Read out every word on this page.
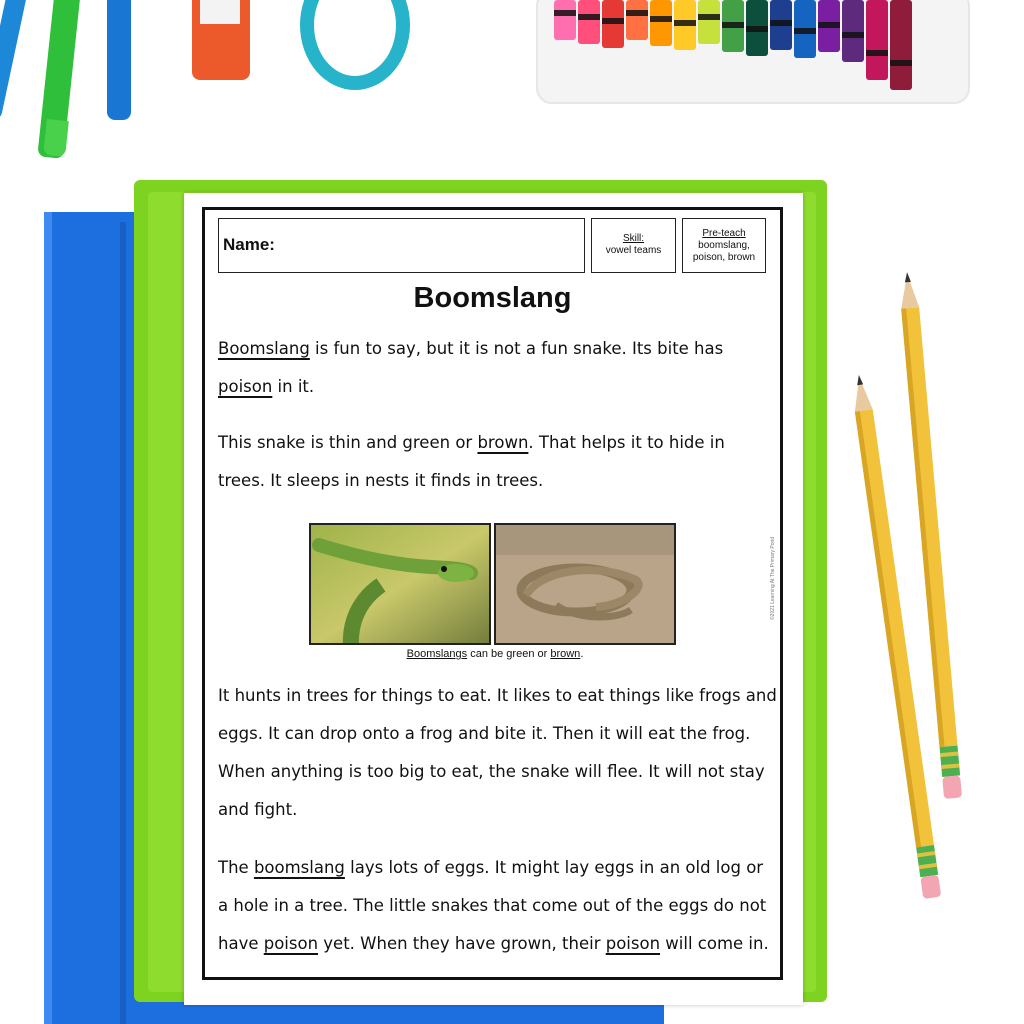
Name:	Skill:
vowel teams
Pre-teach
boomslang, poison, brown
Boomslang
Boomslang is fun to say, but it is not a fun snake. Its bite has poison in it.
This snake is thin and green or brown. That helps it to hide in trees. It sleeps in nests it finds in trees.
Boomslangs can be green or brown.
©2021 Learning At The Primary Pond
It hunts in trees for things to eat. It likes to eat things like frogs and eggs. It can drop onto a frog and bite it. Then it will eat the frog. When anything is too big to eat, the snake will flee. It will not stay and fight.
The boomslang lays lots of eggs. It might lay eggs in an old log or a hole in a tree. The little snakes that come out of the eggs do not have poison yet. When they have grown, their poison will come in.
